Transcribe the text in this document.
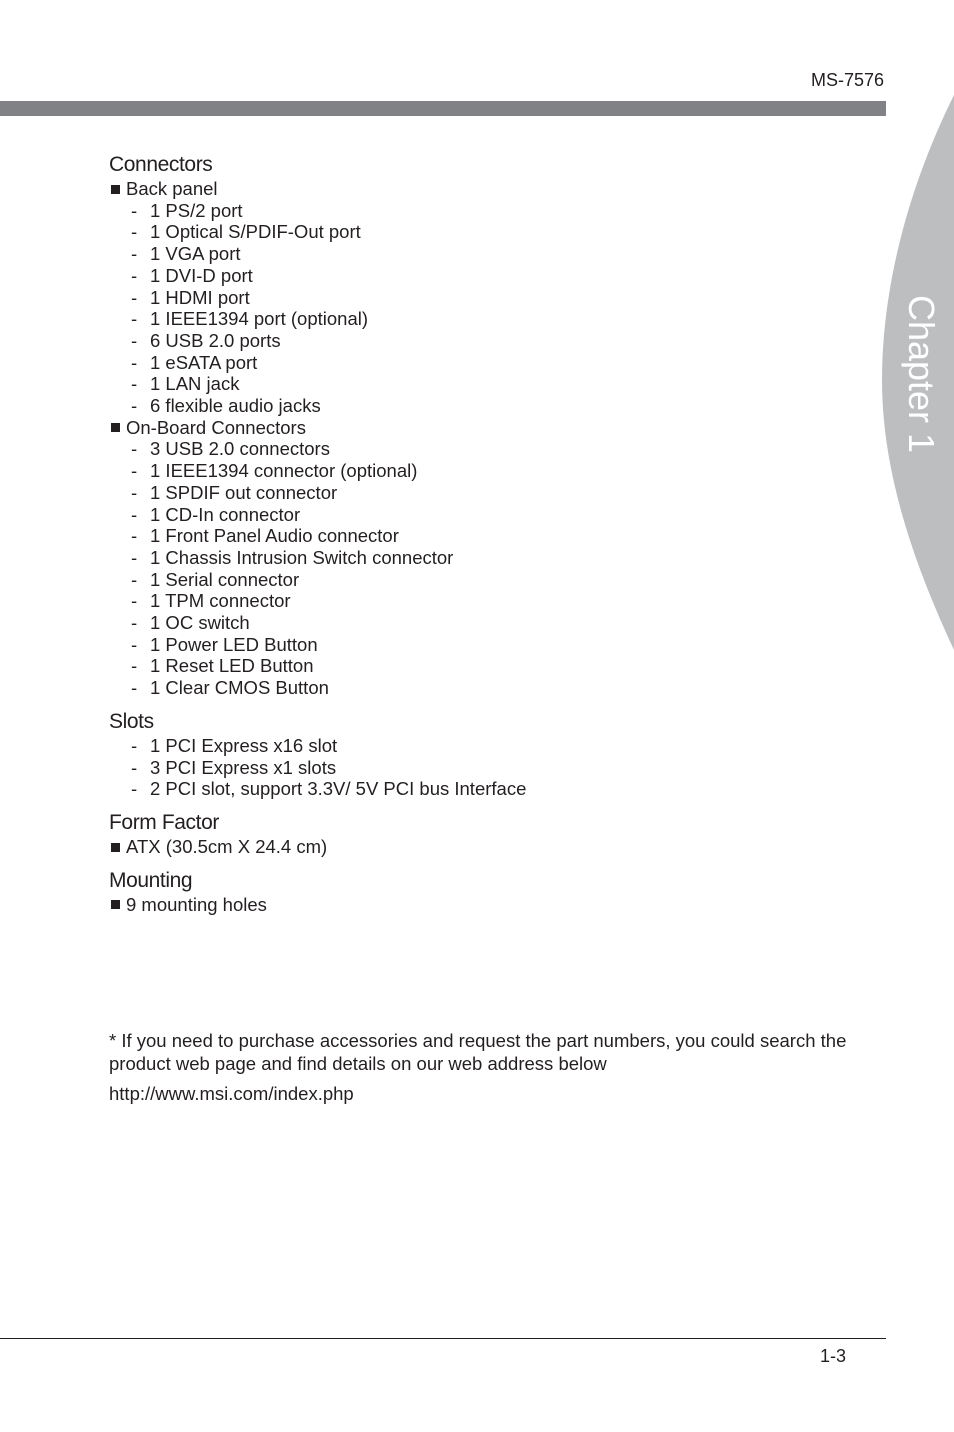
MS-7576
Chapter 1
Connectors
Back panel
- 1 PS/2 port
- 1 Optical S/PDIF-Out port
- 1 VGA port
- 1 DVI-D port
- 1 HDMI port
- 1 IEEE1394 port (optional)
- 6 USB 2.0 ports
- 1 eSATA port
- 1 LAN jack
- 6 flexible audio jacks
On-Board Connectors
- 3 USB 2.0 connectors
- 1 IEEE1394 connector (optional)
- 1 SPDIF out connector
- 1 CD-In connector
- 1 Front Panel Audio connector
- 1 Chassis Intrusion Switch connector
- 1 Serial connector
- 1 TPM connector
- 1 OC switch
- 1 Power LED Button
- 1 Reset LED Button
- 1 Clear CMOS Button
Slots
- 1 PCI Express x16 slot
- 3 PCI Express x1 slots
- 2 PCI slot, support 3.3V/ 5V PCI bus Interface
Form Factor
ATX (30.5cm X 24.4 cm)
Mounting
9 mounting holes

* If you need to purchase accessories and request the part numbers, you could search the product web page and find details on our web address below

http://www.msi.com/index.php

1-3
